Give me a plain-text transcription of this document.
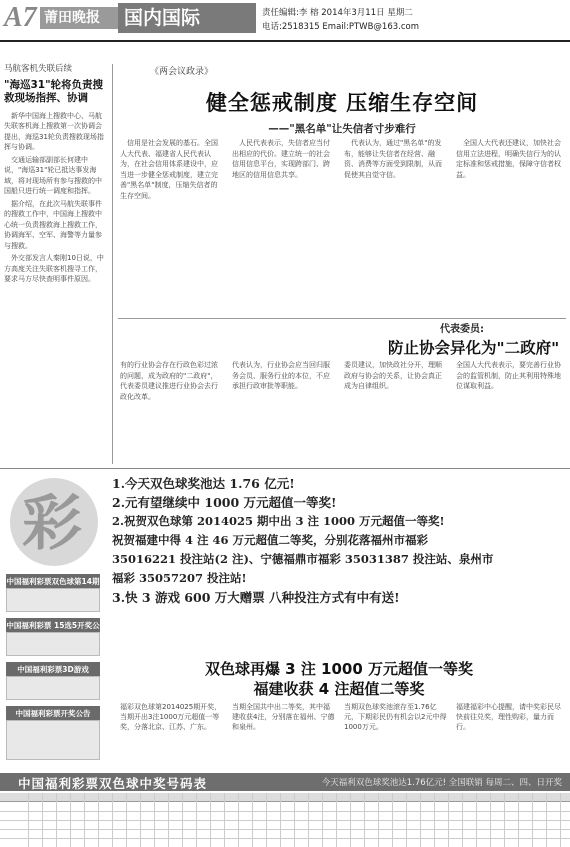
A7 莆田晚报	国内国际	责任编辑:李 榕 2014年3月11日 星期二
电话:2518315 Email:PTWB@163.com
马航客机失联后续
"海巡31"轮将负责搜救现场指挥、协调

新华中国海上搜救中心、马航失联客机海上搜救第一次协调会提出，海巡31轮负责搜救现场指挥与协调。

交通运输部副部长何建中说，"海巡31"轮已抵达事发海域，将对现场所有参与搜救的中国船只进行统一调度和指挥。

据介绍，在此次马航失联事件的搜救工作中，中国海上搜救中心统一负责搜救海上搜救工作，协调海军、空军、海警等力量参与搜救。

外交部发言人秦刚10日说，中方高度关注失联客机搜寻工作，要求马方尽快查明事件原因。

《两会议政录》
健全惩戒制度 压缩生存空间
——"黑名单"让失信者寸步难行

信用是社会发展的基石。全国人大代表、福建省人民代表认为，在社会信用体系建设中，应当进一步健全惩戒制度，建立完善"黑名单"制度，压缩失信者的生存空间。

人民代表表示，失信者应当付出相应的代价。建立统一的社会信用信息平台，实现跨部门、跨地区的信用信息共享。

代表认为，通过"黑名单"的发布，能够让失信者在经营、融资、消费等方面受到限制，从而促使其自觉守信。

全国人大代表还建议，加快社会信用立法进程，明确失信行为的认定标准和惩戒措施，保障守信者权益。

代表委员:
防止协会异化为"二政府"

有的行业协会存在行政色彩过浓的问题，成为政府的"二政府"，代表委员建议推进行业协会去行政化改革。

代表认为，行业协会应当回归服务会员、服务行业的本位，不应承担行政审批等职能。

委员建议，加快政社分开，理顺政府与协会的关系，让协会真正成为自律组织。

全国人大代表表示，要完善行业协会的监管机制，防止其利用特殊地位谋取利益。

彩
中国福利彩票双色球第14期
中国福利彩票 15选5开奖公
中国福利彩票3D游戏
中国福利彩票开奖公告
1.今天双色球奖池达 1.76 亿元!
2.元有望继续中 1000 万元超值一等奖!
2.祝贺双色球第 2014025 期中出 3 注 1000 万元超值一等奖!
祝贺福建中得 4 注 46 万元超值二等奖，分别花落福州市福彩
35016221 投注站(2 注)、宁德福鼎市福彩 35031387 投注站、泉州市
福彩 35057207 投注站!
3.快 3 游戏 600 万大赠票 八种投注方式有中有送!
双色球再爆 3 注 1000 万元超值一等奖
福建收获 4 注超值二等奖

福彩双色球第2014025期开奖，当期开出3注1000万元超值一等奖，分落北京、江苏、广东。

当期全国共中出二等奖，其中福建收获4注，分别落在福州、宁德和泉州。

当期双色球奖池滚存至1.76亿元，下期彩民仍有机会以2元中得1000万元。

福建福彩中心提醒，请中奖彩民尽快前往兑奖，理性购彩，量力而行。

中国福利彩票双色球中奖号码表	今天福利双色球奖池达1.76亿元! 全国联销 每周二、四、日开奖
